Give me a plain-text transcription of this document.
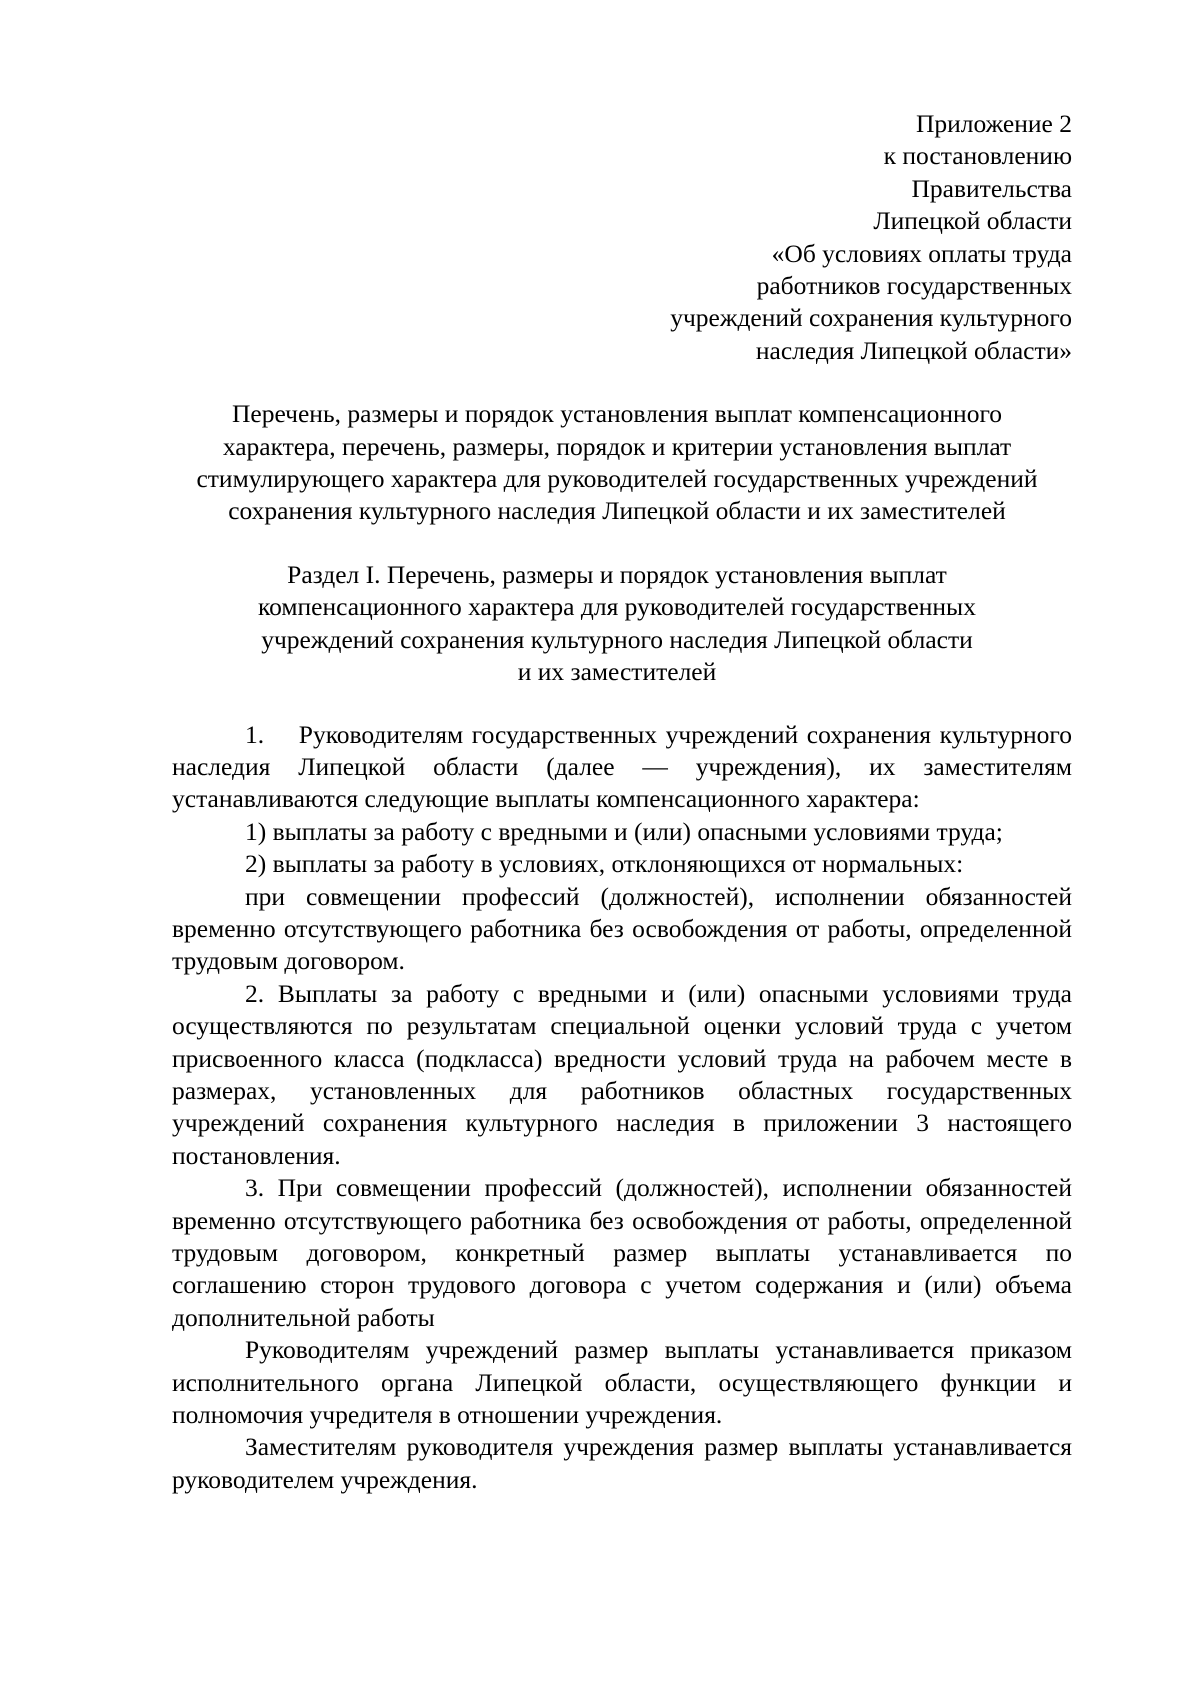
Приложение 2
к постановлению
Правительства
Липецкой области
«Об условиях оплаты труда
работников государственных
учреждений сохранения культурного
наследия Липецкой области»
Перечень, размеры и порядок установления выплат компенсационного
характера, перечень, размеры, порядок и критерии установления выплат
стимулирующего характера для руководителей государственных учреждений
сохранения культурного наследия Липецкой области и их заместителей
Раздел I. Перечень, размеры и порядок установления выплат
компенсационного характера для руководителей государственных
учреждений сохранения культурного наследия Липецкой области
и их заместителей

1.    Руководителям государственных учреждений сохранения культурного наследия Липецкой области (далее — учреждения), их заместителям устанавливаются следующие выплаты компенсационного характера:

1) выплаты за работу с вредными и (или) опасными условиями труда;

2) выплаты за работу в условиях, отклоняющихся от нормальных:

при совмещении профессий (должностей), исполнении обязанностей временно отсутствующего работника без освобождения от работы, определенной трудовым договором.

2. Выплаты за работу с вредными и (или) опасными условиями труда осуществляются по результатам специальной оценки условий труда с учетом присвоенного класса (подкласса) вредности условий труда на рабочем месте в размерах, установленных для работников областных государственных учреждений сохранения культурного наследия в приложении 3 настоящего постановления.

3. При совмещении профессий (должностей), исполнении обязанностей временно отсутствующего работника без освобождения от работы, определенной трудовым договором, конкретный размер выплаты устанавливается по соглашению сторон трудового договора с учетом содержания и (или) объема дополнительной работы

Руководителям учреждений размер выплаты устанавливается приказом исполнительного органа Липецкой области, осуществляющего функции и полномочия учредителя в отношении учреждения.

Заместителям руководителя учреждения размер выплаты устанавливается руководителем учреждения.
